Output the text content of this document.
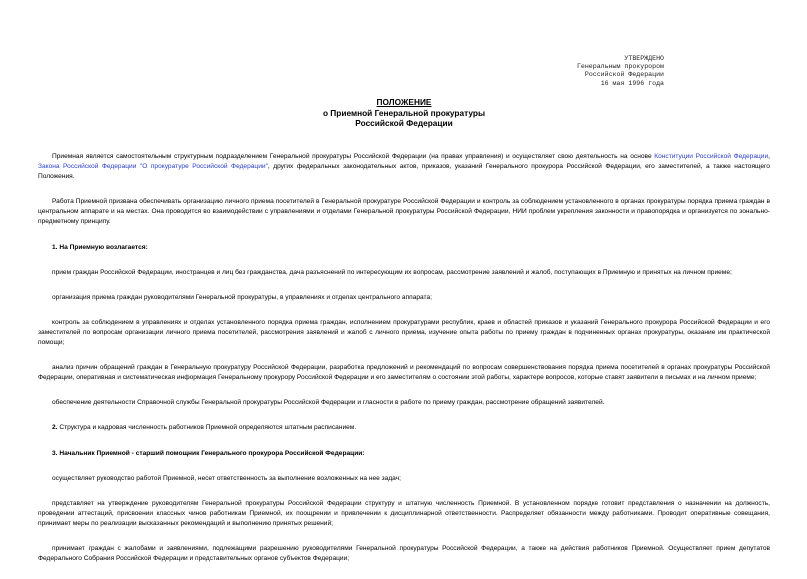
УТВЕРЖДЕНО
Генеральным прокурором
Российской Федерации
16 мая 1996 года
ПОЛОЖЕНИЕ
о Приемной Генеральной прокуратуры
Российской Федерации

Приемная является самостоятельным структурным подразделением Генеральной прокуратуры Российской Федерации (на правах управления) и осуществляет свою деятельность на основе Конституции Российской Федерации, Закона Российской Федерации "О прокуратуре Российской Федерации", других федеральных законодательных актов, приказов, указаний Генерального прокурора Российской Федерации, его заместителей, а также настоящего Положения.

Работа Приемной призвана обеспечивать организацию личного приема посетителей в Генеральной прокуратуре Российской Федерации и контроль за соблюдением установленного в органах прокуратуры порядка приема граждан в центральном аппарате и на местах. Она проводится во взаимодействии с управлениями и отделами Генеральной прокуратуры Российской Федерации, НИИ проблем укрепления законности и правопорядка и организуется по зонально-предметному принципу.

1. На Приемную возлагается:

прием граждан Российской Федерации, иностранцев и лиц без гражданства, дача разъяснений по интересующим их вопросам, рассмотрение заявлений и жалоб, поступающих в Приемную и принятых на личном приеме;

организация приема граждан руководителями Генеральной прокуратуры, в управлениях и отделах центрального аппарата;

контроль за соблюдением в управлениях и отделах установленного порядка приема граждан, исполнением прокуратурами республик, краев и областей приказов и указаний Генерального прокурора Российской Федерации и его заместителей по вопросам организации личного приема посетителей, рассмотрения заявлений и жалоб с личного приема, изучение опыта работы по приему граждан в подчиненных органах прокуратуры, оказание им практической помощи;

анализ причин обращений граждан в Генеральную прокуратуру Российской Федерации, разработка предложений и рекомендаций по вопросам совершенствования порядка приема посетителей в органах прокуратуры Российской Федерации, оперативная и систематическая информация Генеральному прокурору Российской Федерации и его заместителям о состоянии этой работы, характере вопросов, которые ставят заявители в письмах и на личном приеме;

обеспечение деятельности Справочной службы Генеральной прокуратуры Российской Федерации и гласности в работе по приему граждан, рассмотрение обращений заявителей.

2. Структура и кадровая численность работников Приемной определяются штатным расписанием.

3. Начальник Приемной - старший помощник Генерального прокурора Российской Федерации:

осуществляет руководство работой Приемной, несет ответственность за выполнение возложенных на нее задач;

представляет на утверждение руководителям Генеральной прокуратуры Российской Федерации структуру и штатную численность Приемной. В установленном порядке готовит представления о назначении на должность, проведении аттестаций, присвоении классных чинов работникам Приемной, их поощрении и привлечении к дисциплинарной ответственности. Распределяет обязанности между работниками. Проводит оперативные совещания, принимает меры по реализации высказанных рекомендаций и выполнению принятых решений;

принимает граждан с жалобами и заявлениями, подлежащими разрешению руководителями Генеральной прокуратуры Российской Федерации, а также на действия работников Приемной. Осуществляет прием депутатов Федерального Собрания Российской Федерации и представительных органов субъектов Федерации;
